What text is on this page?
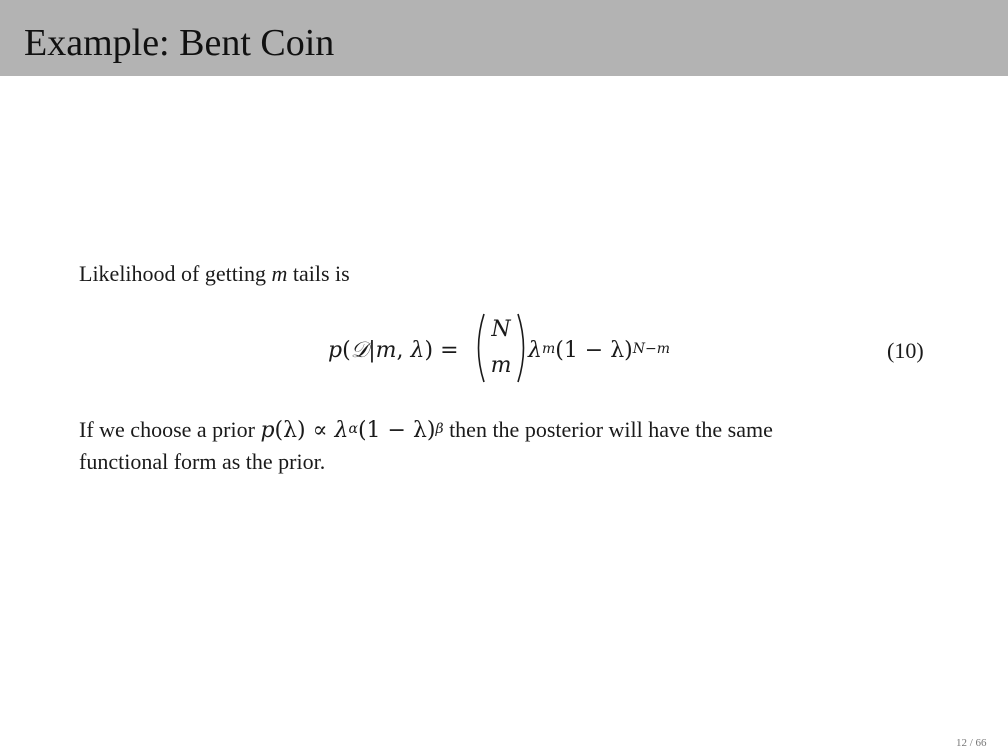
Example: Bent Coin
Likelihood of getting m tails is
p(𝒟|m, λ) =
N
m
$\lambda^m(1 - \lambda)^{N-m}$	(10)
If we choose a prior $p(\lambda) \propto \lambda^\alpha(1 - \lambda)^\beta$ then the posterior will have the same
functional form as the prior.
12 / 66
